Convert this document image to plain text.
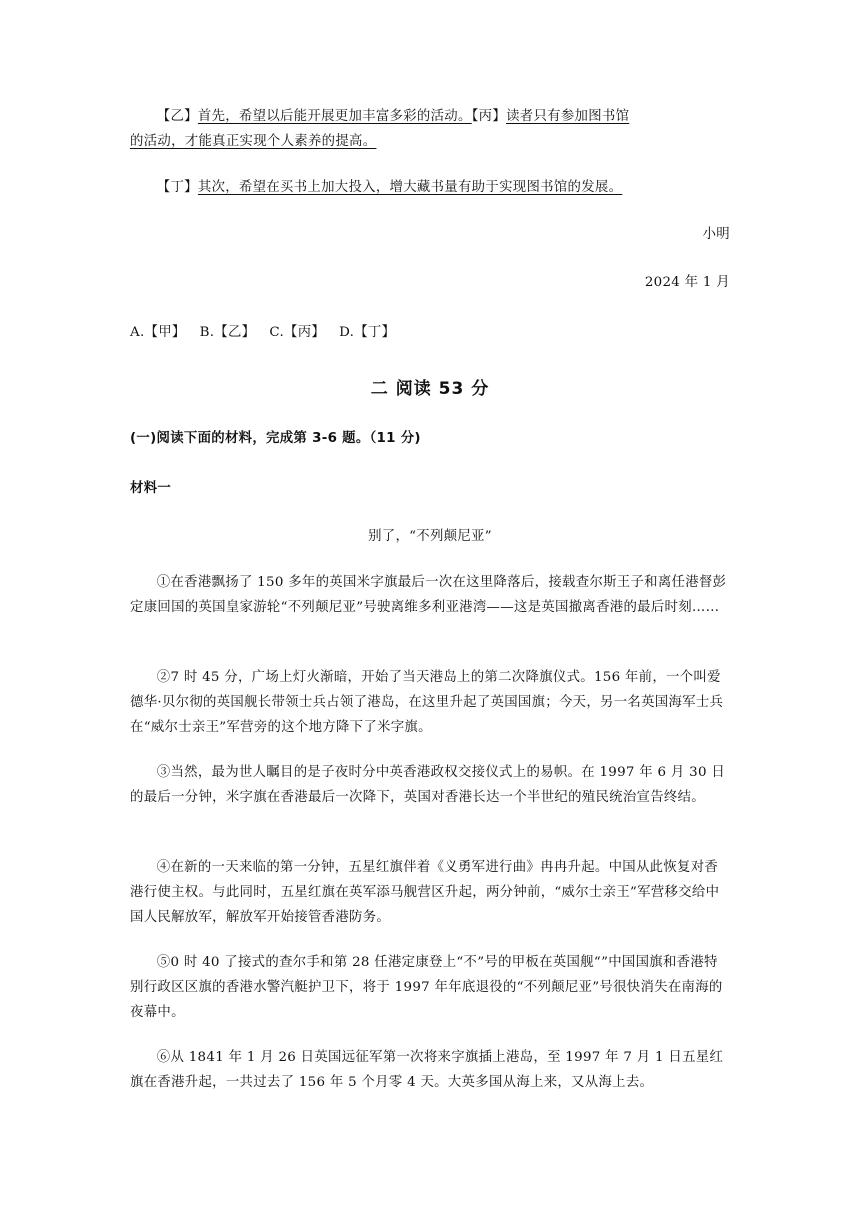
【乙】首先，希望以后能开展更加丰富多彩的活动。【丙】读者只有参加图书馆
的活动，才能真正实现个人素养的提高。
【丁】其次，希望在买书上加大投入，增大藏书量有助于实现图书馆的发展。
小明
2024 年 1 月
A.【甲】 B.【乙】 C.【丙】 D.【丁】
二 阅读 53 分
(一)阅读下面的材料，完成第 3-6 题。（11 分)
材料一
别了，“不列颠尼亚”
①在香港飘扬了 150 多年的英国米字旗最后一次在这里降落后，接载查尔斯王子和离任港督彭定康回国的英国皇家游轮“不列颠尼亚”号驶离维多利亚港湾——这是英国撤离香港的最后时刻……
②7 时 45 分，广场上灯火渐暗，开始了当天港岛上的第二次降旗仪式。156 年前，一个叫爱德华·贝尔彻的英国舰长带领士兵占领了港岛，在这里升起了英国国旗；今天，另一名英国海军士兵在“威尔士亲王”军营旁的这个地方降下了米字旗。
③当然，最为世人瞩目的是子夜时分中英香港政权交接仪式上的易帜。在 1997 年 6 月 30 日的最后一分钟，米字旗在香港最后一次降下，英国对香港长达一个半世纪的殖民统治宣告终结。
④在新的一天来临的第一分钟，五星红旗伴着《义勇军进行曲》冉冉升起。中国从此恢复对香港行使主权。与此同时，五星红旗在英军添马舰营区升起，两分钟前，“威尔士亲王”军营移交给中国人民解放军，解放军开始接管香港防务。
⑤0 时 40 了接式的查尔手和第 28 任港定康登上“不”号的甲板在英国舰“”中国国旗和香港特别行政区区旗的香港水警汽艇护卫下，将于 1997 年年底退役的“不列颠尼亚”号很快消失在南海的夜幕中。
⑥从 1841 年 1 月 26 日英国远征军第一次将来字旗插上港岛，至 1997 年 7 月 1 日五星红旗在香港升起，一共过去了 156 年 5 个月零 4 天。大英多国从海上来，又从海上去。
